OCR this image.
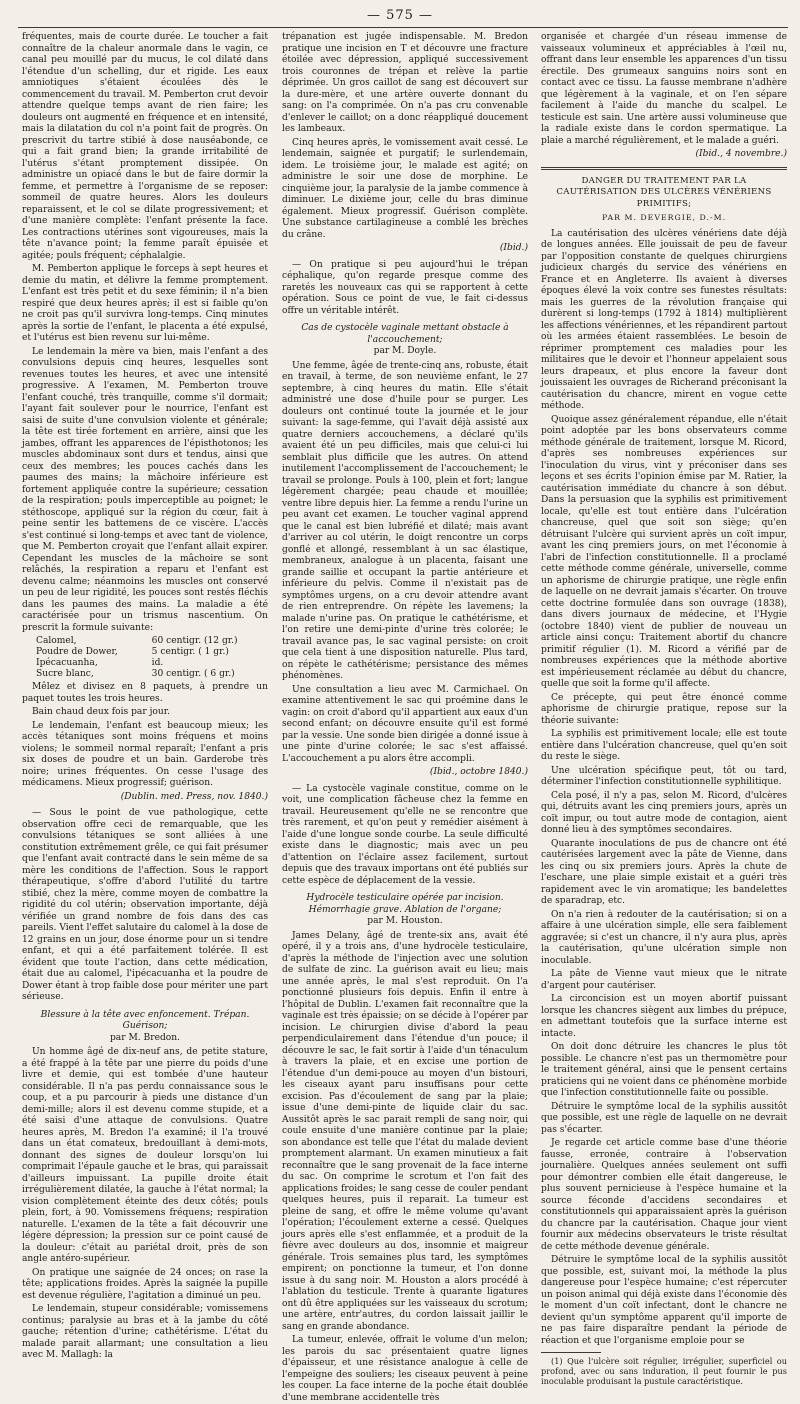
— 575 —

fréquentes, mais de courte durée. Le toucher a fait connaître de la chaleur anormale dans le vagin, ce canal peu mouillé par du mucus, le col dilaté dans l'étendue d'un schelling, dur et rigide. Les eaux amniotiques s'étaient écoulées dès le commencement du travail. M. Pemberton crut devoir attendre quelque temps avant de rien faire; les douleurs ont augmenté en fréquence et en intensité, mais la dilatation du col n'a point fait de progrès. On prescrivit du tartre stibié à dose nauséabonde, ce qui a fait grand bien; la grande irritabilité de l'utérus s'étant promptement dissipée. On administre un opiacé dans le but de faire dormir la femme, et permettre à l'organisme de se reposer: sommeil de quatre heures. Alors les douleurs reparaissent, et le col se dilate progressivement; et d'une manière complète: l'enfant présente la face. Les contractions utérines sont vigoureuses, mais la tête n'avance point; la femme paraît épuisée et agitée; pouls fréquent; céphalalgie.

M. Pemberton applique le forceps à sept heures et demie du matin, et délivre la femme promptement. L'enfant est très petit et du sexe féminin; il n'a bien respiré que deux heures après; il est si faible qu'on ne croit pas qu'il survivra long-temps. Cinq minutes après la sortie de l'enfant, le placenta a été expulsé, et l'utérus est bien revenu sur lui-même.

Le lendemain la mère va bien, mais l'enfant a des convulsions depuis cinq heures, lesquelles sont revenues toutes les heures, et avec une intensité progressive. A l'examen, M. Pemberton trouve l'enfant couché, très tranquille, comme s'il dormait; l'ayant fait soulever pour le nourrice, l'enfant est saisi de suite d'une convulsion violente et générale; la tête est tirée fortement en arrière, ainsi que les jambes, offrant les apparences de l'épisthotonos; les muscles abdominaux sont durs et tendus, ainsi que ceux des membres; les pouces cachés dans les paumes des mains; la mâchoire inférieure est fortement appliquée contre la supérieure; cessation de la respiration; pouls imperceptible au poignet; le stéthoscope, appliqué sur la région du cœur, fait à peine sentir les battemens de ce viscère. L'accès s'est continué si long-temps et avec tant de violence, que M. Pemberton croyait que l'enfant allait expirer. Cependant les muscles de la mâchoire se sont relâchés, la respiration a reparu et l'enfant est devenu calme; néanmoins les muscles ont conservé un peu de leur rigidité, les pouces sont restés fléchis dans les paumes des mains. La maladie a été caractérisée pour un trismus nascentium. On prescrit la formule suivante:

Calomel,	60 centigr. (12 gr.)
Poudre de Dower,	5 centigr. ( 1 gr.)
Ipécacuanha,	id.
Sucre blanc,	30 centigr. ( 6 gr.)

Mêlez et divisez en 8 paquets, à prendre un paquet toutes les trois heures.

Bain chaud deux fois par jour.

Le lendemain, l'enfant est beaucoup mieux; les accès tétaniques sont moins fréquens et moins violens; le sommeil normal reparaît; l'enfant a pris six doses de poudre et un bain. Garderobe très noire; urines fréquentes. On cesse l'usage des médicamens. Mieux progressif; guérison.

(Dublin. med. Press, nov. 1840.)

— Sous le point de vue pathologique, cette observation offre ceci de remarquable, que les convulsions tétaniques se sont alliées à une constitution extrêmement grêle, ce qui fait présumer que l'enfant avait contracté dans le sein même de sa mère les conditions de l'affection. Sous le rapport thérapeutique, s'offre d'abord l'utilité du tartre stibié, chez la mère, comme moyen de combattre la rigidité du col utérin; observation importante, déjà vérifiée un grand nombre de fois dans des cas pareils. Vient l'effet salutaire du calomel à la dose de 12 grains en un jour, dose énorme pour un si tendre enfant, et qui a été parfaitement tolérée. Il est évident que toute l'action, dans cette médication, était due au calomel, l'ipécacuanha et la poudre de Dower étant à trop faible dose pour mériter une part sérieuse.

Blessure à la tête avec enfoncement. Trépan. Guérison;
par M. Bredon.

Un homme âgé de dix-neuf ans, de petite stature, a été frappé à la tête par une pierre du poids d'une livre et demie, qui est tombée d'une hauteur considérable. Il n'a pas perdu connaissance sous le coup, et a pu parcourir à pieds une distance d'un demi-mille; alors il est devenu comme stupide, et a été saisi d'une attaque de convulsions. Quatre heures après, M. Bredon l'a examiné; il l'a trouvé dans un état comateux, bredouillant à demi-mots, donnant des signes de douleur lorsqu'on lui comprimait l'épaule gauche et le bras, qui paraissait d'ailleurs impuissant. La pupille droite était irrégulièrement dilatée, la gauche à l'état normal; la vision complètement éteinte des deux côtés; pouls plein, fort, à 90. Vomissemens fréquens; respiration naturelle. L'examen de la tête a fait découvrir une légère dépression; la pression sur ce point causé de la douleur: c'était au pariétal droit, près de son angle antéro-supérieur.

On pratique une saignée de 24 onces; on rase la tête; applications froides. Après la saignée la pupille est devenue régulière, l'agitation a diminué un peu.

Le lendemain, stupeur considérable; vomissemens continus; paralysie au bras et à la jambe du côté gauche; rétention d'urine; cathétérisme. L'état du malade parait allarmant; une consultation a lieu avec M. Mallagh: la

trépanation est jugée indispensable. M. Bredon pratique une incision en T et découvre une fracture étoilée avec dépression, appliqué successivement trois couronnes de trépan et relève la partie déprimée. Un gros caillot de sang est découvert sur la dure-mère, et une artère ouverte donnant du sang: on l'a comprimée. On n'a pas cru convenable d'enlever le caillot; on a donc réappliqué doucement les lambeaux.

Cinq heures après, le vomissement avait cessé. Le lendemain, saignée et purgatif; le surlendemain, idem. Le troisième jour, le malade est agité; on administre le soir une dose de morphine. Le cinquième jour, la paralysie de la jambe commence à diminuer. Le dixième jour, celle du bras diminue également. Mieux progressif. Guérison complète. Une substance cartilagineuse a comblé les brèches du crâne.

(Ibid.)

— On pratique si peu aujourd'hui le trépan céphalique, qu'on regarde presque comme des raretés les nouveaux cas qui se rapportent à cette opération. Sous ce point de vue, le fait ci-dessus offre un véritable intérêt.

Cas de cystocèle vaginale mettant obstacle à l'accouchement;
par M. Doyle.

Une femme, âgée de trente-cinq ans, robuste, était en travail, à terme, de son neuvième enfant, le 27 septembre, à cinq heures du matin. Elle s'était administré une dose d'huile pour se purger. Les douleurs ont continué toute la journée et le jour suivant: la sage-femme, qui l'avait déjà assisté aux quatre derniers accouchemens, a déclaré qu'ils avaient été un peu difficiles, mais que celui-ci lui semblait plus difficile que les autres. On attend inutilement l'accomplissement de l'accouchement; le travail se prolonge. Pouls à 100, plein et fort; langue légèrement chargée; peau chaude et mouillée; ventre libre depuis hier. La femme a rendu l'urine un peu avant cet examen. Le toucher vaginal apprend que le canal est bien lubréfié et dilaté; mais avant d'arriver au col utérin, le doigt rencontre un corps gonflé et allongé, ressemblant à un sac élastique, membraneux, analogue à un placenta, faisant une grande saillie et occupant la partie antérieure et inférieure du pelvis. Comme il n'existait pas de symptômes urgens, on a cru devoir attendre avant de rien entreprendre. On répète les lavemens; la malade n'urine pas. On pratique le cathétérisme, et l'on retire une demi-pinte d'urine très colorée; le travail avance pas, le sac vaginal persiste: on croit que cela tient à une disposition naturelle. Plus tard, on répète le cathétérisme; persistance des mêmes phénomènes.

Une consultation a lieu avec M. Carmichael. On examine attentivement le sac qui proémine dans le vagin: on croit d'abord qu'il appartient aux eaux d'un second enfant; on découvre ensuite qu'il est formé par la vessie. Une sonde bien dirigée a donné issue à une pinte d'urine colorée; le sac s'est affaissé. L'accouchement a pu alors être accompli.

(Ibid., octobre 1840.)

— La cystocèle vaginale constitue, comme on le voit, une complication fâcheuse chez la femme en travail. Heureusement qu'elle ne se rencontre que très rarement, et qu'on peut y remédier aisément à l'aide d'une longue sonde courbe. La seule difficulté existe dans le diagnostic; mais avec un peu d'attention on l'éclaire assez facilement, surtout depuis que des travaux importans ont été publiés sur cette espèce de déplacement de la vessie.

Hydrocèle testiculaire opérée par incision. Hémorrhagie grave. Ablation de l'organe;
par M. Houston.

James Delany, âgé de trente-six ans, avait été opéré, il y a trois ans, d'une hydrocèle testiculaire, d'après la méthode de l'injection avec une solution de sulfate de zinc. La guérison avait eu lieu; mais une année après, le mal s'est reproduit. On l'a ponctionné plusieurs fois depuis. Enfin il entre à l'hôpital de Dublin. L'examen fait reconnaître que la vaginale est très épaissie; on se décide à l'opérer par incision. Le chirurgien divise d'abord la peau perpendiculairement dans l'étendue d'un pouce; il découvre le sac, le fait sortir à l'aide d'un ténaculum à travers la plaie, et en excise une portion de l'étendue d'un demi-pouce au moyen d'un bistouri, les ciseaux ayant paru insuffisans pour cette excision. Pas d'écoulement de sang par la plaie; issue d'une demi-pinte de liquide clair du sac. Aussitôt après le sac parait rempli de sang noir, qui coule ensuite d'une manière continue par la plaie; son abondance est telle que l'état du malade devient promptement alarmant. Un examen minutieux a fait reconnaître que le sang provenait de la face interne du sac. On comprime le scrotum et l'on fait des applications froides; le sang cesse de couler pendant quelques heures, puis il reparait. La tumeur est pleine de sang, et offre le même volume qu'avant l'opération; l'écoulement externe a cessé. Quelques jours après elle s'est enflammée, et a produit de la fièvre avec douleurs au dos, insomnie et maigreur générale. Trois semaines plus tard, les symptômes empirent; on ponctionne la tumeur, et l'on donne issue à du sang noir. M. Houston a alors procédé à l'ablation du testicule. Trente à quarante ligatures ont dû être appliquées sur les vaisseaux du scrotum; une artère, entr'autres, du cordon laissait jaillir le sang en grande abondance.

La tumeur, enlevée, offrait le volume d'un melon; les parois du sac présentaient quatre lignes d'épaisseur, et une résistance analogue à celle de l'empeigne des souliers; les ciseaux peuvent à peine les couper. La face interne de la poche était doublée d'une membrane accidentelle très

organisée et chargée d'un réseau immense de vaisseaux volumineux et appréciables à l'œil nu, offrant dans leur ensemble les apparences d'un tissu érectile. Des grumeaux sanguins noirs sont en contact avec ce tissu. La fausse membrane n'adhère que légèrement à la vaginale, et on l'en sépare facilement à l'aide du manche du scalpel. Le testicule est sain. Une artère aussi volumineuse que la radiale existe dans le cordon spermatique. La plaie a marché régulièrement, et le malade a guéri.

(Ibid., 4 novembre.)
DANGER DU TRAITEMENT PAR LA CAUTÉRISATION DES ULCÈRES VÉNÉRIENS PRIMITIFS;
PAR M. DEVERGIE, D.-M.

La cautérisation des ulcères vénériens date déjà de longues années. Elle jouissait de peu de faveur par l'opposition constante de quelques chirurgiens judicieux chargés du service des vénériens en France et en Angleterre. Ils avaient à diverses époques élevé la voix contre ses funestes résultats: mais les guerres de la révolution française qui durèrent si long-temps (1792 à 1814) multiplièrent les affections vénériennes, et les répandirent partout où les armées étaient rassemblées. Le besoin de réprimer promptement ces maladies pour les militaires que le devoir et l'honneur appelaient sous leurs drapeaux, et plus encore la faveur dont jouissaient les ouvrages de Richerand préconisant la cautérisation du chancre, mirent en vogue cette méthode.

Quoique assez généralement répandue, elle n'était point adoptée par les bons observateurs comme méthode générale de traitement, lorsque M. Ricord, d'après ses nombreuses expériences sur l'inoculation du virus, vint y préconiser dans ses leçons et ses écrits l'opinion émise par M. Ratier, la cautérisation immédiate du chancre à son début. Dans la persuasion que la syphilis est primitivement locale, qu'elle est tout entière dans l'ulcération chancreuse, quel que soit son siège; qu'en détruisant l'ulcère qui survient après un coït impur, avant les cinq premiers jours, on met l'économie à l'abri de l'infection constitutionnelle. Il a proclamé cette méthode comme générale, universelle, comme un aphorisme de chirurgie pratique, une règle enfin de laquelle on ne devrait jamais s'écarter. On trouve cette doctrine formulée dans son ouvrage (1838), dans divers journaux de médecine, et l'Hygie (octobre 1840) vient de publier de nouveau un article ainsi conçu: Traitement abortif du chancre primitif régulier (1). M. Ricord a vérifié par de nombreuses expériences que la méthode abortive est impérieusement réclamée au début du chancre, quelle que soit la forme qu'il affecte.

Ce précepte, qui peut être énoncé comme aphorisme de chirurgie pratique, repose sur la théorie suivante:

La syphilis est primitivement locale; elle est toute entière dans l'ulcération chancreuse, quel qu'en soit du reste le siège.

Une ulcération spécifique peut, tôt ou tard, déterminer l'infection constitutionnelle syphilitique.

Cela posé, il n'y a pas, selon M. Ricord, d'ulcères qui, détruits avant les cinq premiers jours, après un coït impur, ou tout autre mode de contagion, aient donné lieu à des symptômes secondaires.

Quarante inoculations de pus de chancre ont été cautérisées largement avec la pâte de Vienne, dans les cinq ou six premiers jours. Après la chute de l'eschare, une plaie simple existait et a guéri très rapidement avec le vin aromatique; les bandelettes de sparadrap, etc.

On n'a rien à redouter de la cautérisation; si on a affaire à une ulcération simple, elle sera faiblement aggravée; si c'est un chancre, il n'y aura plus, après la cautérisation, qu'une ulcération simple non inoculable.

La pâte de Vienne vaut mieux que le nitrate d'argent pour cautériser.

La circoncision est un moyen abortif puissant lorsque les chancres siègent aux limbes du prépuce, en admettant toutefois que la surface interne est intacte.

On doit donc détruire les chancres le plus tôt possible. Le chancre n'est pas un thermomètre pour le traitement général, ainsi que le pensent certains praticiens qui ne voient dans ce phénomène morbide que l'infection constitutionnelle faite ou possible.

Détruire le symptôme local de la syphilis aussitôt que possible, est une règle de laquelle on ne devrait pas s'écarter.

Je regarde cet article comme base d'une théorie fausse, erronée, contraire à l'observation journalière. Quelques années seulement ont suffi pour démontrer combien elle était dangereuse, le plus souvent pernicieuse à l'espèce humaine et la source féconde d'accidens secondaires et constitutionnels qui apparaissaient après la guérison du chancre par la cautérisation. Chaque jour vient fournir aux médecins observateurs le triste résultat de cette méthode devenue générale.

Détruire le symptôme local de la syphilis aussitôt que possible, est, suivant moi, la méthode la plus dangereuse pour l'espèce humaine; c'est répercuter un poison animal qui déjà existe dans l'économie dès le moment d'un coït infectant, dont le chancre ne devient qu'un symptôme apparent qu'il importe de ne pas faire disparaître pendant la période de réaction et que l'organisme emploie pour se

(1) Que l'ulcère soit régulier, irrégulier, superficiel ou profond, avec ou sans induration, il peut fournir le pus inoculable produisant la pustule caractéristique.
